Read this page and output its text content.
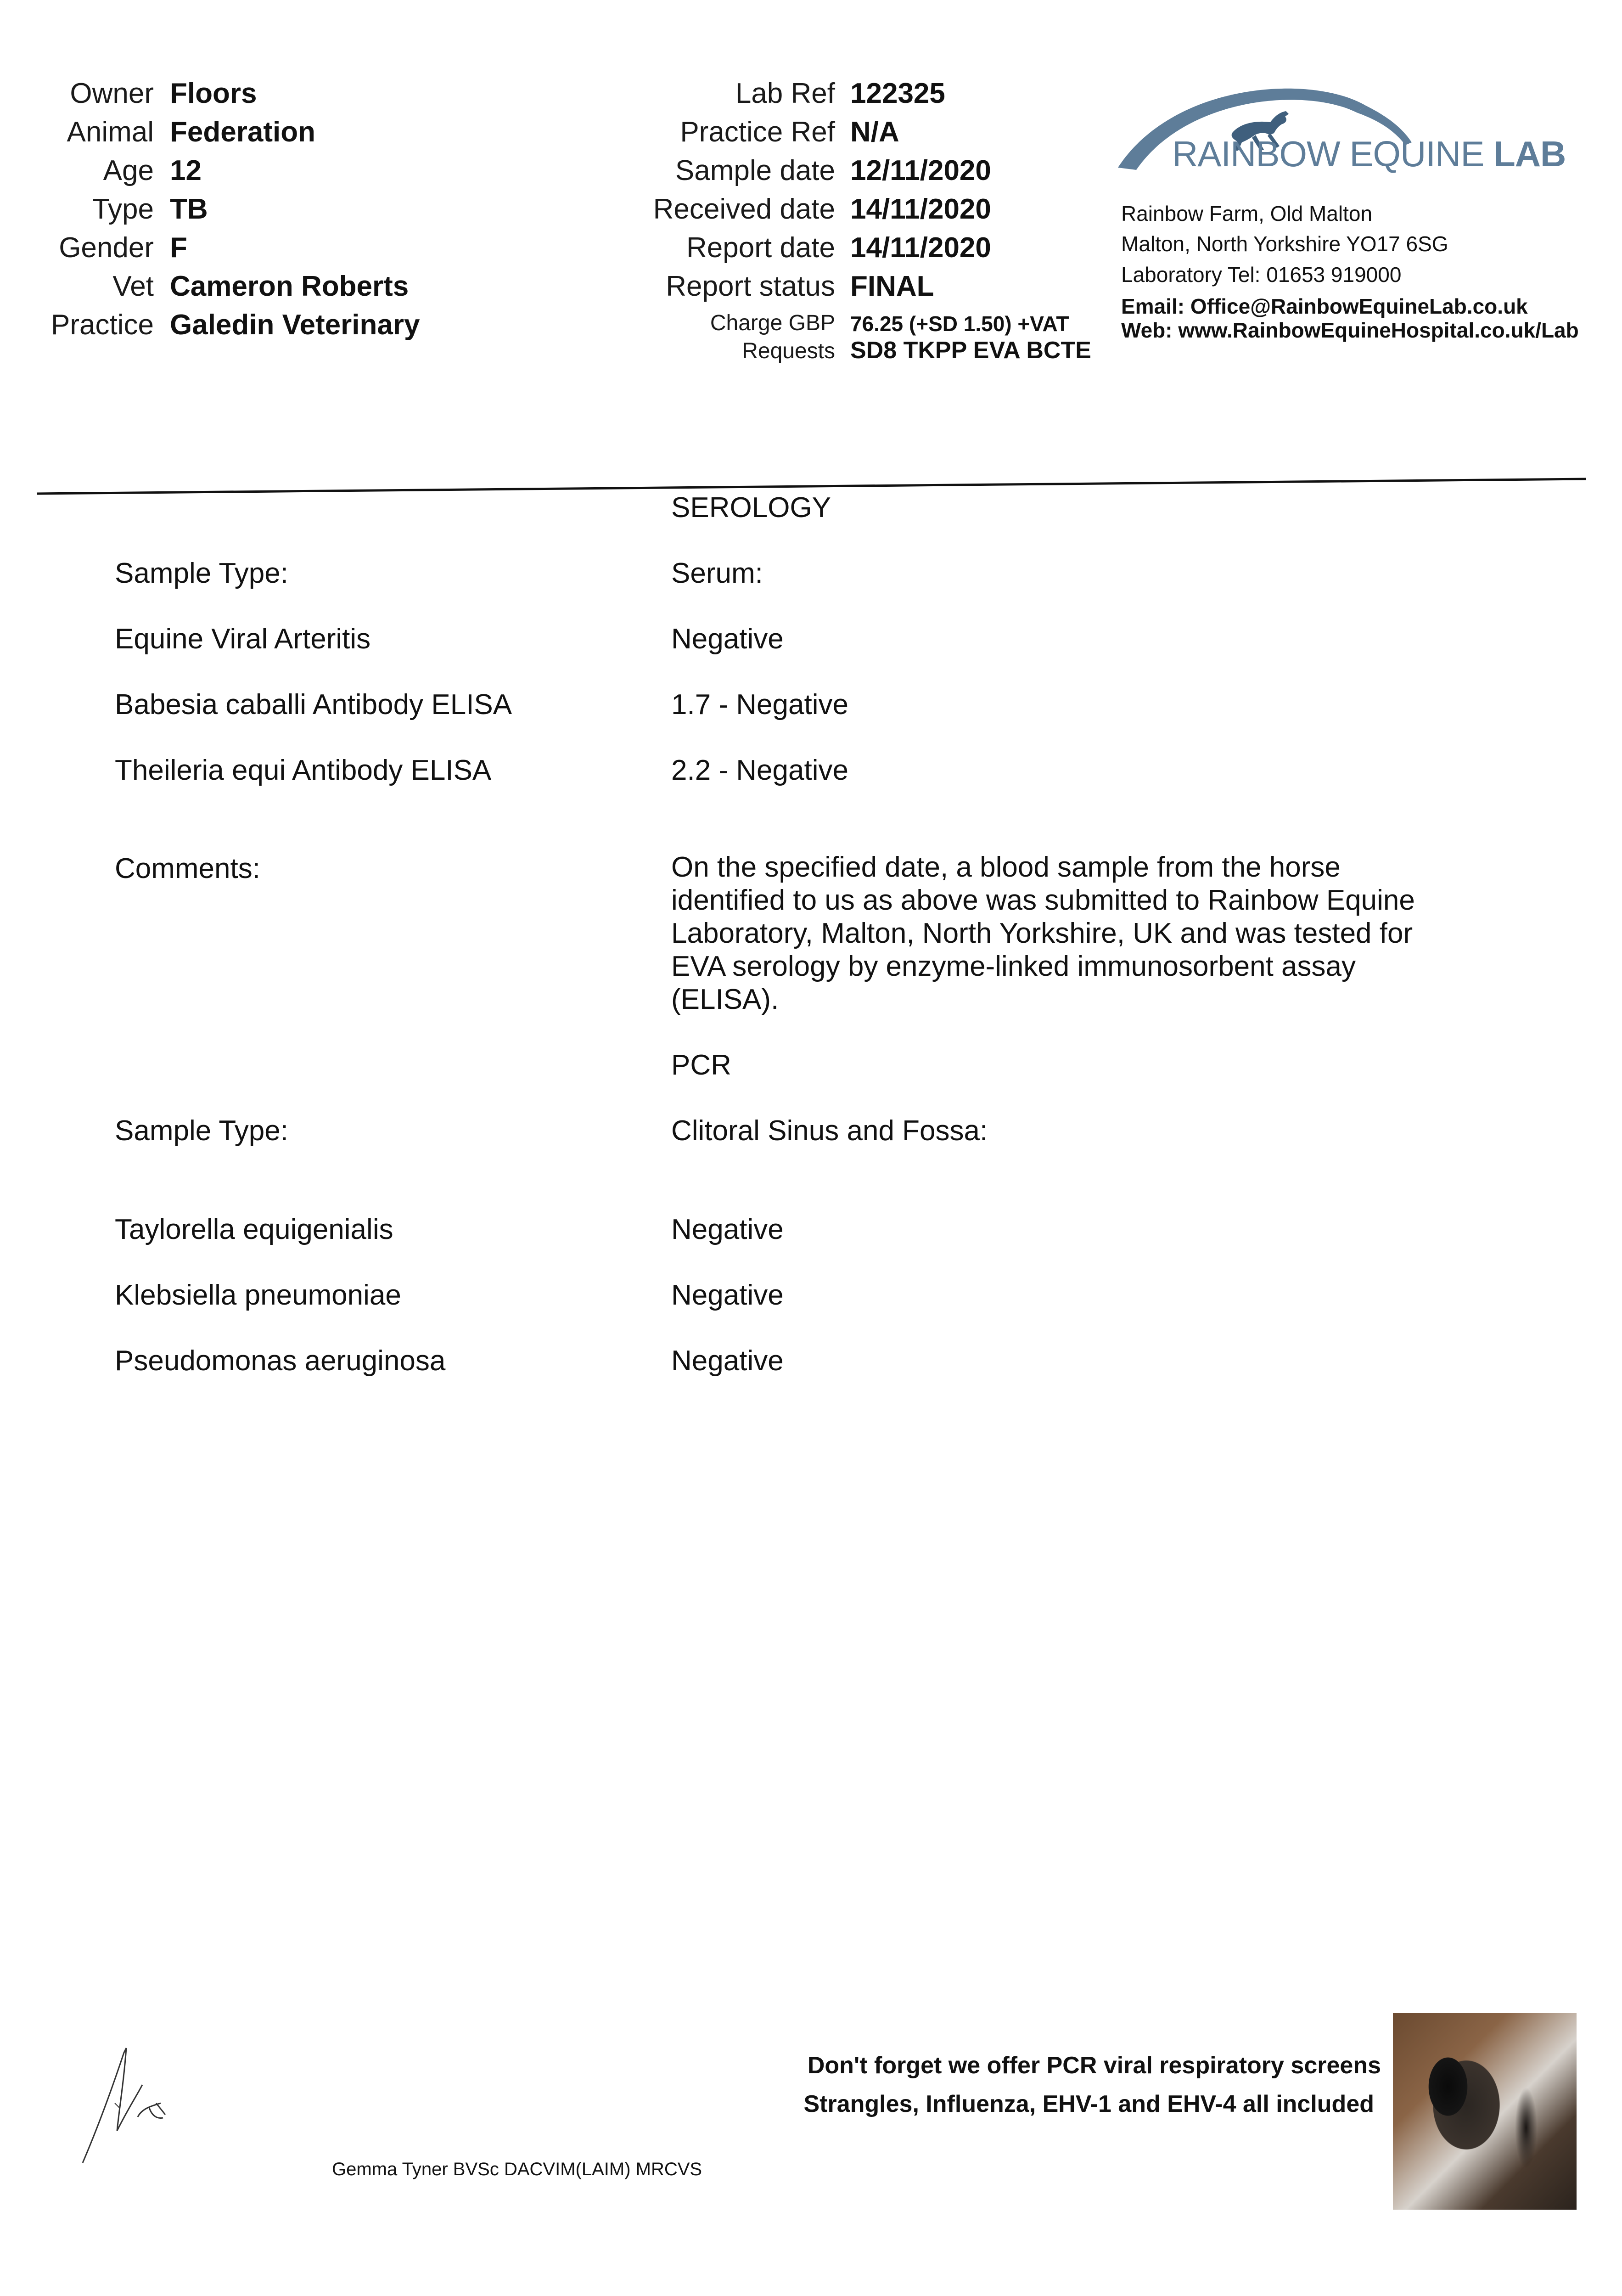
Owner Floors
Animal Federation
Age 12
Type TB
Gender F
Vet Cameron Roberts
Practice Galedin Veterinary
Lab Ref 122325
Practice Ref N/A
Sample date 12/11/2020
Received date 14/11/2020
Report date 14/11/2020
Report status FINAL
Charge GBP 76.25 (+SD 1.50) +VAT
Requests SD8 TKPP EVA BCTE
RAINBOW EQUINE LAB
Rainbow Farm, Old Malton
Malton, North Yorkshire YO17 6SG
Laboratory Tel: 01653 919000
Email: Office@RainbowEquineLab.co.uk
Web: www.RainbowEquineHospital.co.uk/Lab
SEROLOGY
Sample Type:	Serum:
Equine Viral Arteritis	Negative
Babesia caballi Antibody ELISA	1.7 - Negative
Theileria equi Antibody ELISA	2.2 - Negative
Comments:	On the specified date, a blood sample from the horse identified to us as above was submitted to Rainbow Equine Laboratory, Malton, North Yorkshire, UK and was tested for EVA serology by enzyme-linked immunosorbent assay (ELISA).
PCR
Sample Type:	Clitoral Sinus and Fossa:
Taylorella equigenialis	Negative
Klebsiella pneumoniae	Negative
Pseudomonas aeruginosa	Negative
Gemma Tyner BVSc DACVIM(LAIM) MRCVS
Don't forget we offer PCR viral respiratory screens
Strangles, Influenza, EHV-1 and EHV-4 all included
